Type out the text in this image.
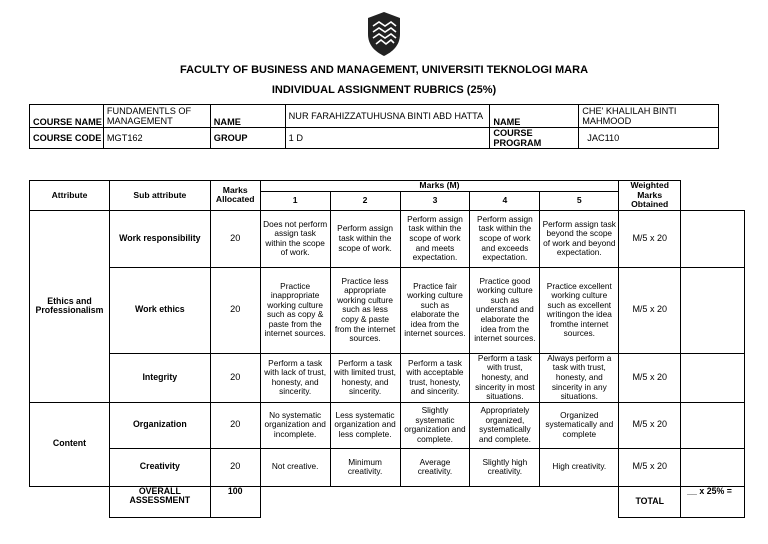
FACULTY OF BUSINESS AND MANAGEMENT, UNIVERSITI TEKNOLOGI MARA
INDIVIDUAL ASSIGNMENT RUBRICS (25%)
COURSE NAME	FUNDAMENTLS OF MANAGEMENT	NAME	NUR FARAHIZZATUHUSNA BINTI ABD HATTA	NAME	CHE' KHALILAH BINTI MAHMOOD
COURSE CODE	MGT162	GROUP	1 D	COURSE PROGRAM	JAC110
Attribute	Sub attribute	Marks Allocated	Marks (M)					Weighted Marks Obtained	
			1	2	3	4	5		
Ethics and Professionalism	Work responsibility	20	Does not perform assign task within the scope of work.	Perform assign task within the scope of work.	Perform assign task within the scope of work and meets expectation.	Perform assign task within the scope of work and exceeds expectation.	Perform assign task beyond the scope of work and beyond expectation.	M/5 x 20	
	Work ethics	20	Practice inappropriate working culture such as copy & paste from the internet sources.	Practice less appropriate working culture such as less copy & paste from the internet sources.	Practice fair working culture such as elaborate the idea from the internet sources.	Practice good working culture such as understand and elaborate the idea from the internet sources.	Practice excellent working culture such as excellent writingon the idea fromthe internet sources.	M/5 x 20	
	Integrity	20	Perform a task with lack of trust, honesty, and sincerity.	Perform a task with limited trust, honesty, and sincerity.	Perform a task with acceptable trust, honesty, and sincerity.	Perform a task with trust, honesty, and sincerity in most situations.	Always perform a task with trust, honesty, and sincerity in any situations.	M/5 x 20	
Content	Organization	20	No systematic organization and incomplete.	Less systematic organization and less complete.	Slightly systematic organization and complete.	Appropriately organized, systematically and complete.	Organized systematically and complete	M/5 x 20	
	Creativity	20	Not creative.	Minimum creativity.	Average creativity.	Slightly high creativity.	High creativity.	M/5 x 20	
	OVERALL ASSESSMENT	100						TOTAL	__ x 25% =
